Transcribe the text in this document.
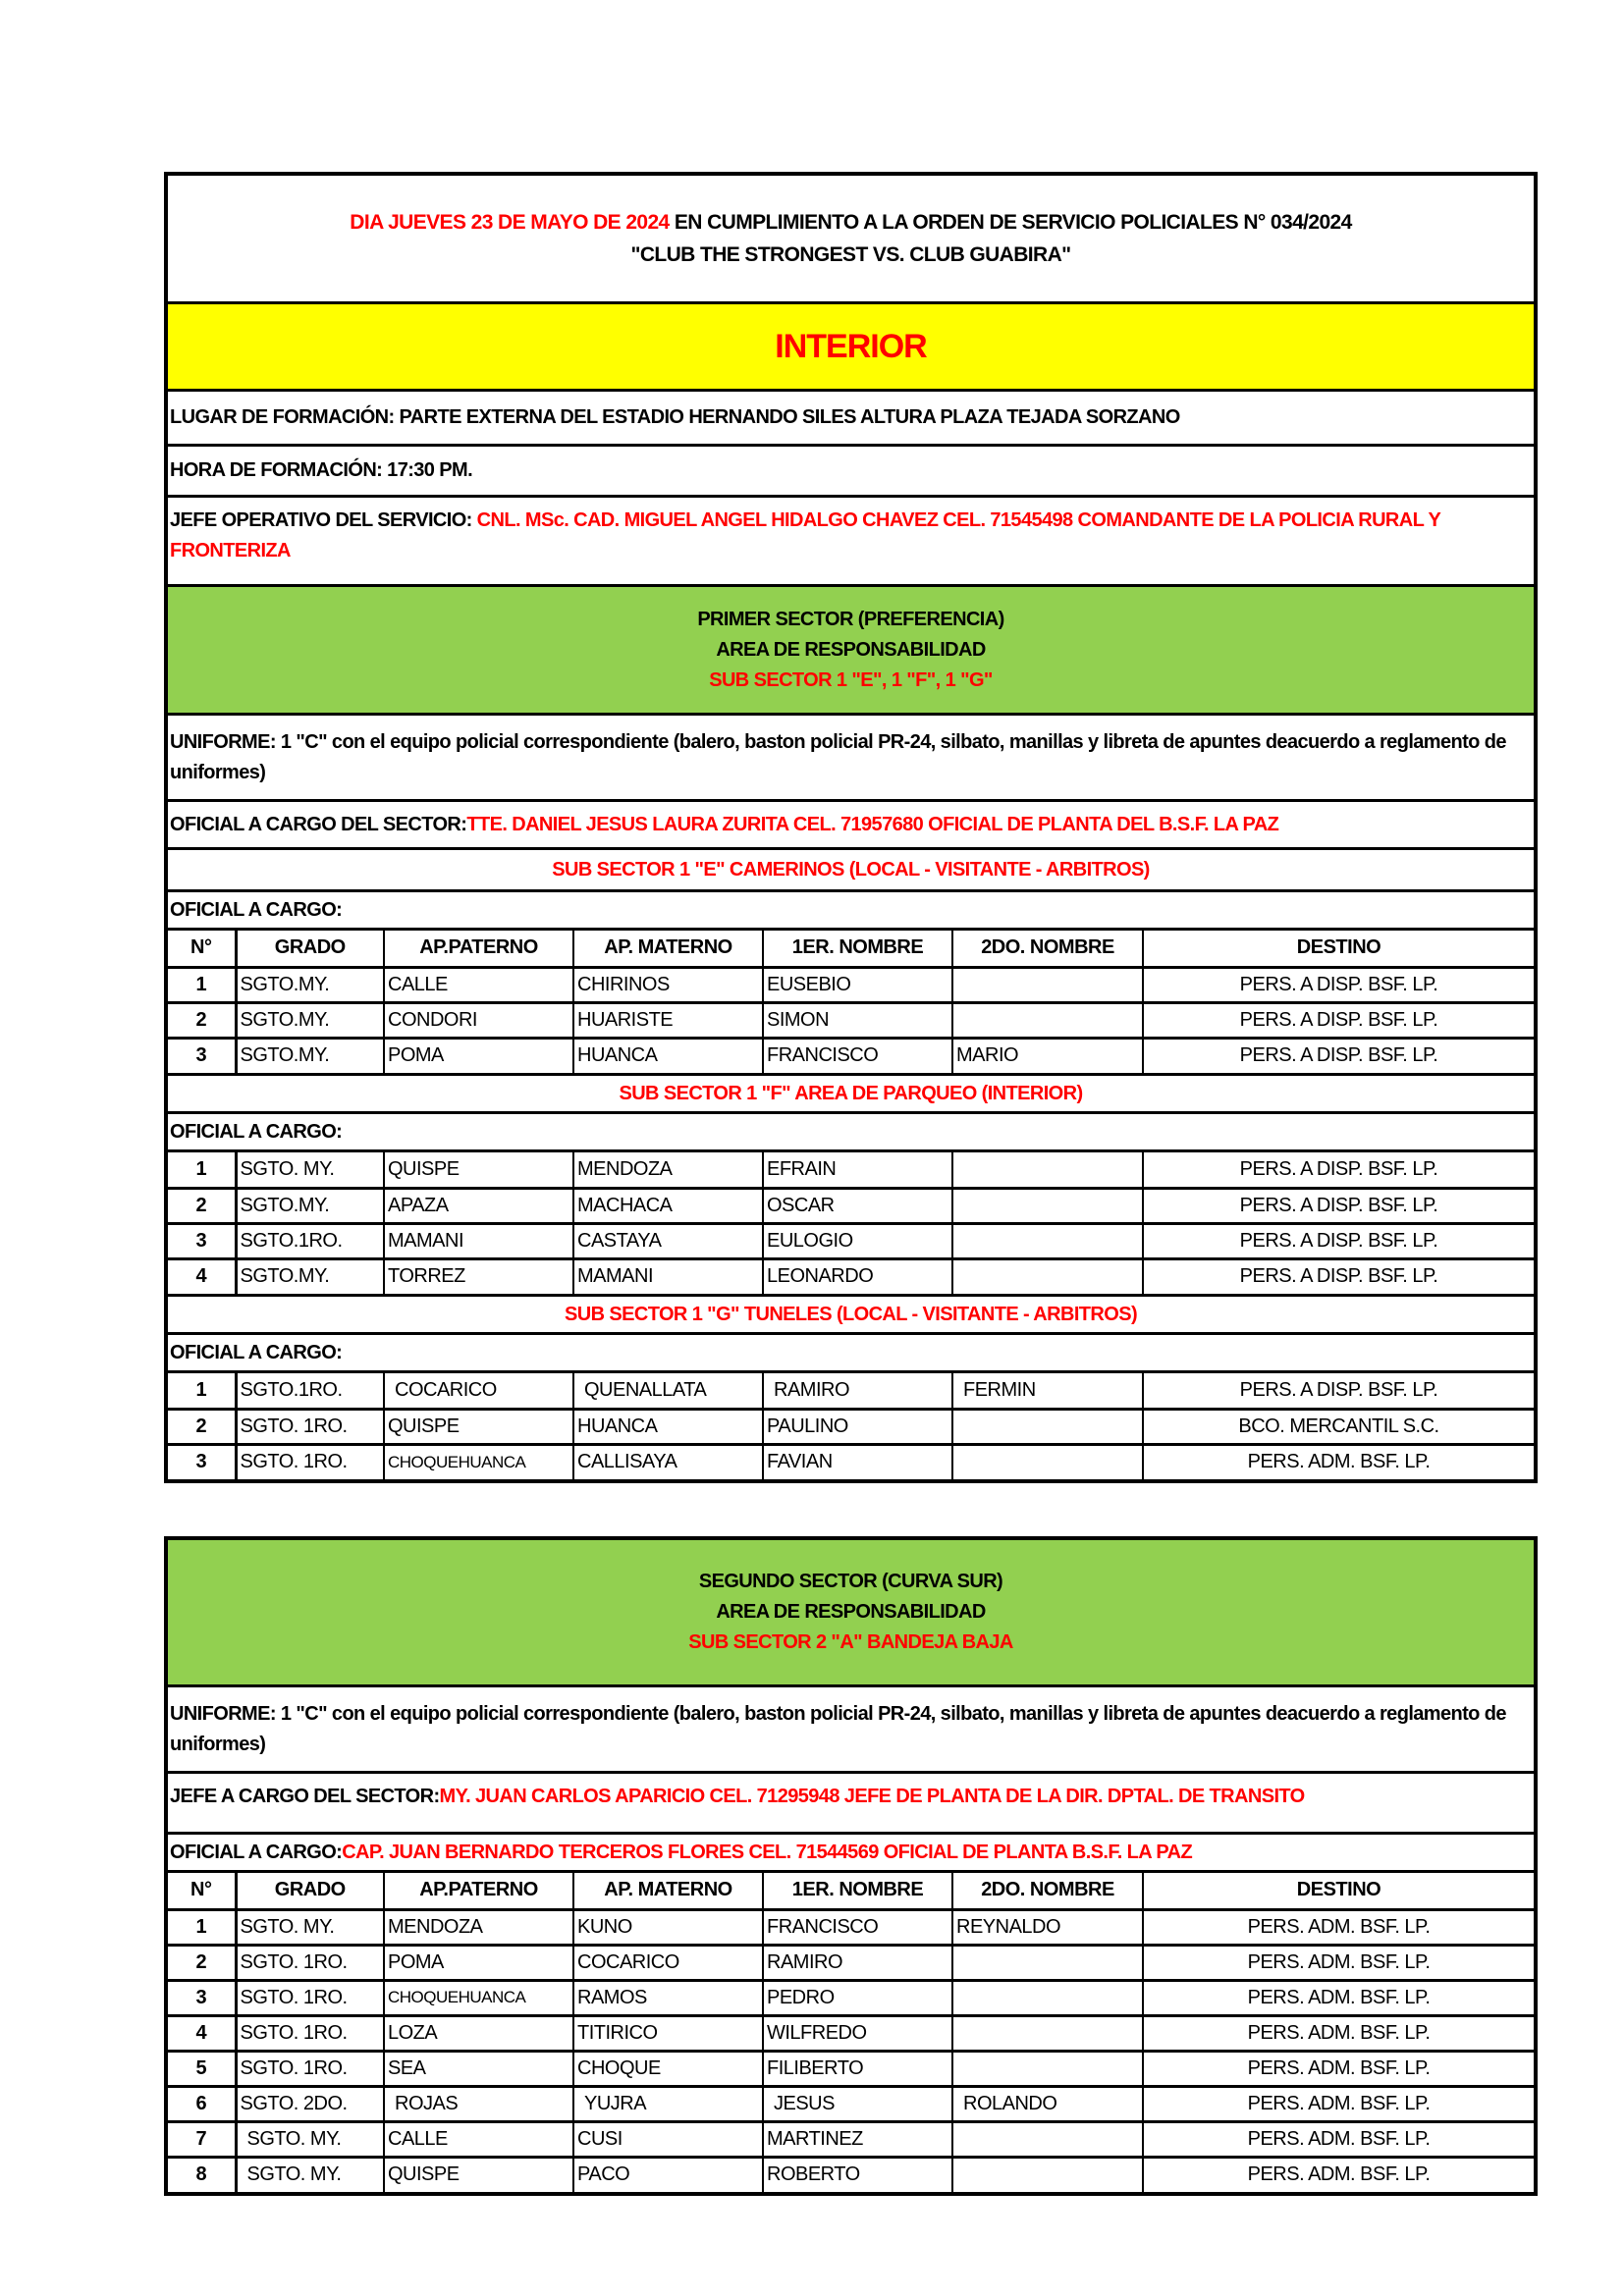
DIA JUEVES 23 DE MAYO DE 2024 EN CUMPLIMIENTO A LA ORDEN DE SERVICIO POLICIALES N° 034/2024
"CLUB THE STRONGEST VS. CLUB GUABIRA"
INTERIOR
LUGAR DE FORMACIÓN: PARTE EXTERNA DEL ESTADIO HERNANDO SILES ALTURA PLAZA TEJADA SORZANO
HORA DE FORMACIÓN: 17:30 PM.
JEFE OPERATIVO DEL SERVICIO: CNL. MSc. CAD. MIGUEL ANGEL HIDALGO CHAVEZ CEL. 71545498 COMANDANTE DE LA POLICIA RURAL Y FRONTERIZA
PRIMER SECTOR (PREFERENCIA)
AREA DE RESPONSABILIDAD
SUB SECTOR 1 "E", 1 "F", 1 "G"
UNIFORME: 1 "C" con el equipo policial correspondiente (balero, baston policial PR-24, silbato, manillas y libreta de apuntes deacuerdo a reglamento de uniformes)
OFICIAL A CARGO DEL SECTOR: TTE. DANIEL JESUS LAURA ZURITA CEL. 71957680 OFICIAL DE PLANTA DEL B.S.F. LA PAZ
SUB SECTOR 1 "E" CAMERINOS (LOCAL - VISITANTE - ARBITROS)
OFICIAL A CARGO:
N°	GRADO	AP.PATERNO	AP. MATERNO	1ER. NOMBRE	2DO. NOMBRE	DESTINO
1	SGTO.MY.	CALLE	CHIRINOS	EUSEBIO		PERS. A DISP. BSF. LP.
2	SGTO.MY.	CONDORI	HUARISTE	SIMON		PERS. A DISP. BSF. LP.
3	SGTO.MY.	POMA	HUANCA	FRANCISCO	MARIO	PERS. A DISP. BSF. LP.
SUB SECTOR 1 "F" AREA DE PARQUEO (INTERIOR)
OFICIAL A CARGO:
1	SGTO. MY.	QUISPE	MENDOZA	EFRAIN		PERS. A DISP. BSF. LP.
2	SGTO.MY.	APAZA	MACHACA	OSCAR		PERS. A DISP. BSF. LP.
3	SGTO.1RO.	MAMANI	CASTAYA	EULOGIO		PERS. A DISP. BSF. LP.
4	SGTO.MY.	TORREZ	MAMANI	LEONARDO		PERS. A DISP. BSF. LP.
SUB SECTOR 1 "G" TUNELES (LOCAL - VISITANTE - ARBITROS)
OFICIAL A CARGO:
1	SGTO.1RO.	COCARICO	QUENALLATA	RAMIRO	FERMIN	PERS. A DISP. BSF. LP.
2	SGTO. 1RO.	QUISPE	HUANCA	PAULINO		BCO. MERCANTIL S.C.
3	SGTO. 1RO.	CHOQUEHUANCA	CALLISAYA	FAVIAN		PERS. ADM. BSF. LP.
SEGUNDO SECTOR (CURVA SUR)
AREA DE RESPONSABILIDAD
SUB SECTOR 2 "A" BANDEJA BAJA
UNIFORME: 1 "C" con el equipo policial correspondiente (balero, baston policial PR-24, silbato, manillas y libreta de apuntes deacuerdo a reglamento de uniformes)
JEFE A CARGO DEL SECTOR: MY. JUAN CARLOS APARICIO CEL. 71295948 JEFE DE PLANTA DE LA DIR. DPTAL. DE TRANSITO
OFICIAL A CARGO: CAP. JUAN BERNARDO TERCEROS FLORES CEL. 71544569 OFICIAL DE PLANTA B.S.F. LA PAZ
N°	GRADO	AP.PATERNO	AP. MATERNO	1ER. NOMBRE	2DO. NOMBRE	DESTINO
1	SGTO. MY.	MENDOZA	KUNO	FRANCISCO	REYNALDO	PERS. ADM. BSF. LP.
2	SGTO. 1RO.	POMA	COCARICO	RAMIRO		PERS. ADM. BSF. LP.
3	SGTO. 1RO.	CHOQUEHUANCA	RAMOS	PEDRO		PERS. ADM. BSF. LP.
4	SGTO. 1RO.	LOZA	TITIRICO	WILFREDO		PERS. ADM. BSF. LP.
5	SGTO. 1RO.	SEA	CHOQUE	FILIBERTO		PERS. ADM. BSF. LP.
6	SGTO. 2DO.	ROJAS	YUJRA	JESUS	ROLANDO	PERS. ADM. BSF. LP.
7	SGTO. MY.	CALLE	CUSI	MARTINEZ		PERS. ADM. BSF. LP.
8	SGTO. MY.	QUISPE	PACO	ROBERTO		PERS. ADM. BSF. LP.
